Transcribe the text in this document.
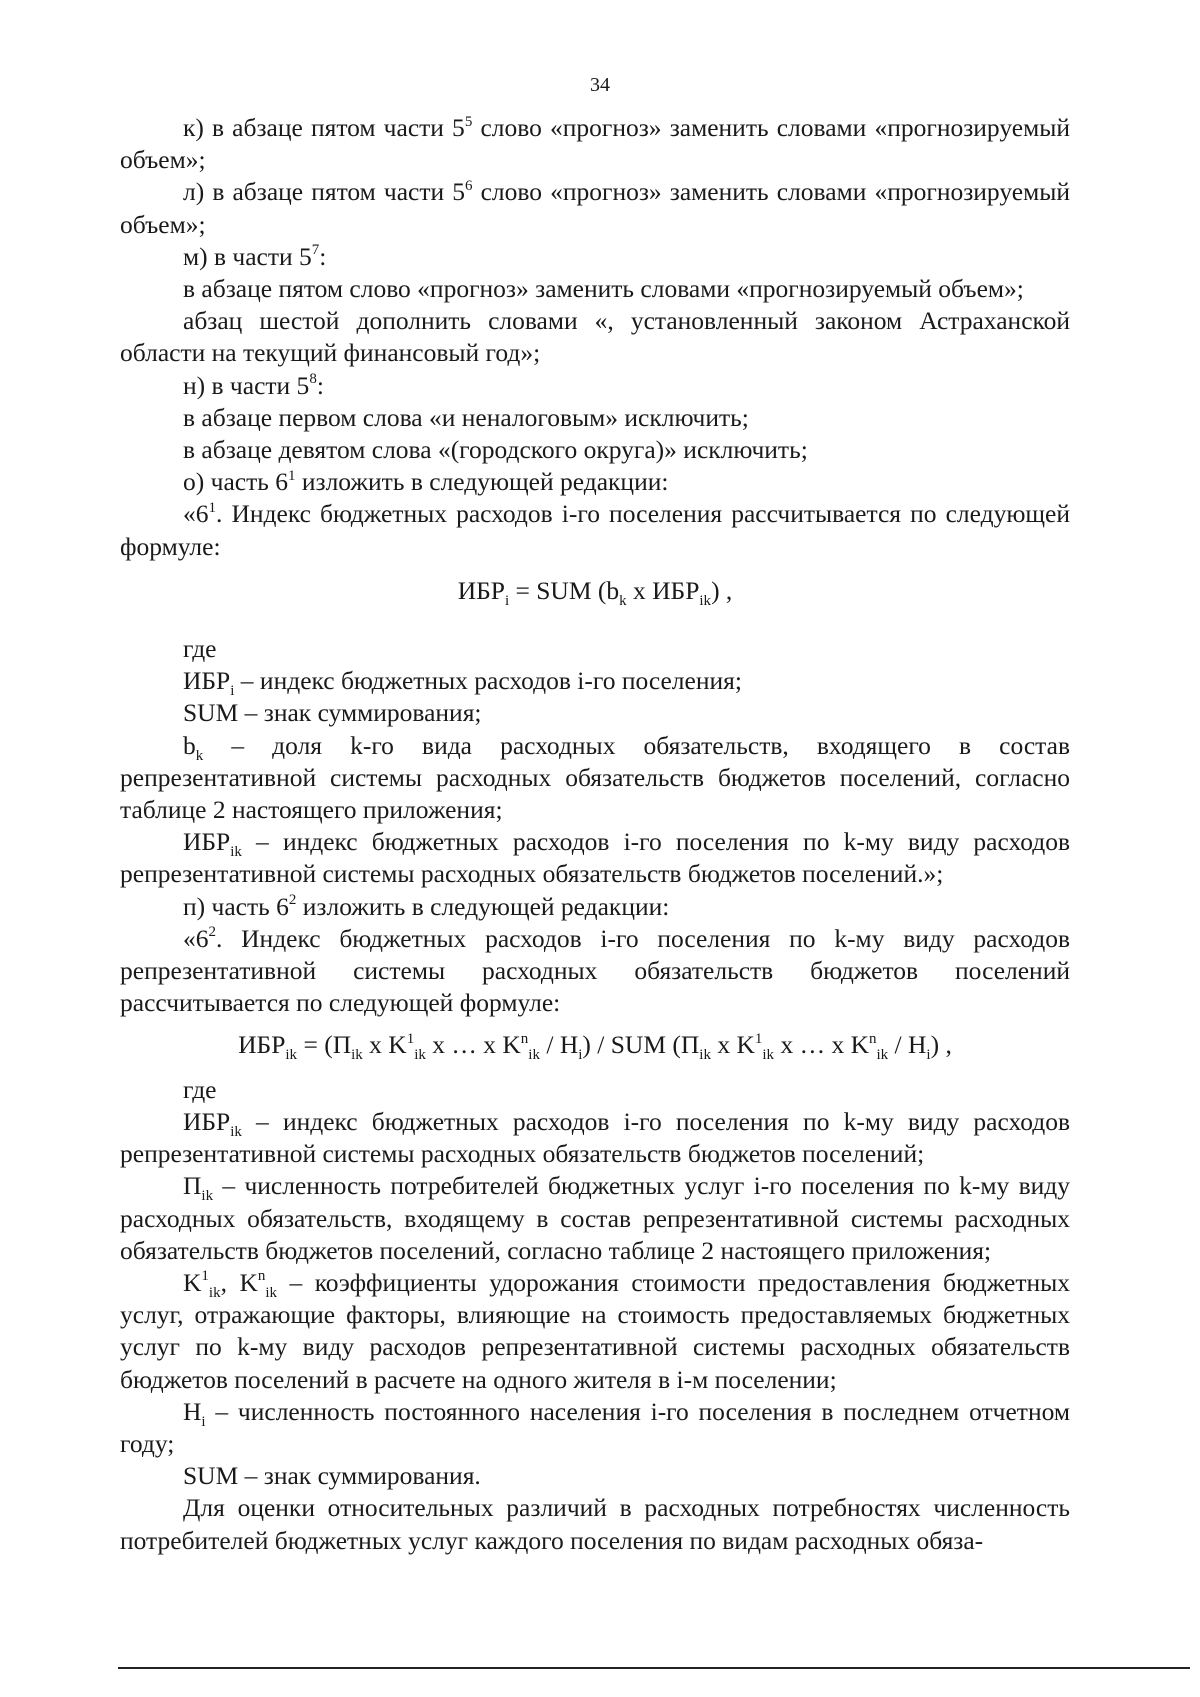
34

к) в абзаце пятом части $5^5$ слово «прогноз» заменить словами «прогнозируемый объем»;

л) в абзаце пятом части $5^6$ слово «прогноз» заменить словами «прогнозируемый объем»;

м) в части $5^7$:

в абзаце пятом слово «прогноз» заменить словами «прогнозируемый объем»;

абзац шестой дополнить словами «, установленный законом Астраханской области на текущий финансовый год»;

н) в части $5^8$:

в абзаце первом слова «и неналоговым» исключить;

в абзаце девятом слова «(городского округа)» исключить;

о) часть $6^1$ изложить в следующей редакции:

«$6^1$. Индекс бюджетных расходов i-го поселения рассчитывается по следующей формуле:

$ИБР_i$ = SUM ($b_k$ x $ИБР_{ik}$) ,

где

$ИБР_i$ – индекс бюджетных расходов i-го поселения;

SUM – знак суммирования;

$b_k$ – доля k-го вида расходных обязательств, входящего в состав репрезентативной системы расходных обязательств бюджетов поселений, согласно таблице 2 настоящего приложения;

$ИБР_{ik}$ – индекс бюджетных расходов i-го поселения по k-му виду расходов репрезентативной системы расходных обязательств бюджетов поселений.»;

п) часть $6^2$ изложить в следующей редакции:

«$6^2$. Индекс бюджетных расходов i-го поселения по k-му виду расходов репрезентативной системы расходных обязательств бюджетов поселений рассчитывается по следующей формуле:

$ИБР_{ik} = (П_{ik}$ x $K^1_{ik}$ x … x $K^n_{ik} / Н_i$) / SUM ($П_{ik}$ x $K^1_{ik}$ x … x $K^n_{ik} / Н_i$) ,

где

$ИБР_{ik}$ – индекс бюджетных расходов i-го поселения по k-му виду расходов репрезентативной системы расходных обязательств бюджетов поселений;

$П_{ik}$ – численность потребителей бюджетных услуг i-го поселения по k-му виду расходных обязательств, входящему в состав репрезентативной системы расходных обязательств бюджетов поселений, согласно таблице 2 настоящего приложения;

$K^1_{ik}$, $K^n_{ik}$ – коэффициенты удорожания стоимости предоставления бюджетных услуг, отражающие факторы, влияющие на стоимость предоставляемых бюджетных услуг по k-му виду расходов репрезентативной системы расходных обязательств бюджетов поселений в расчете на одного жителя в i-м поселении;

$Н_i$ – численность постоянного населения i-го поселения в последнем отчетном году;

SUM – знак суммирования.

Для оценки относительных различий в расходных потребностях численность потребителей бюджетных услуг каждого поселения по видам расходных обяза-
